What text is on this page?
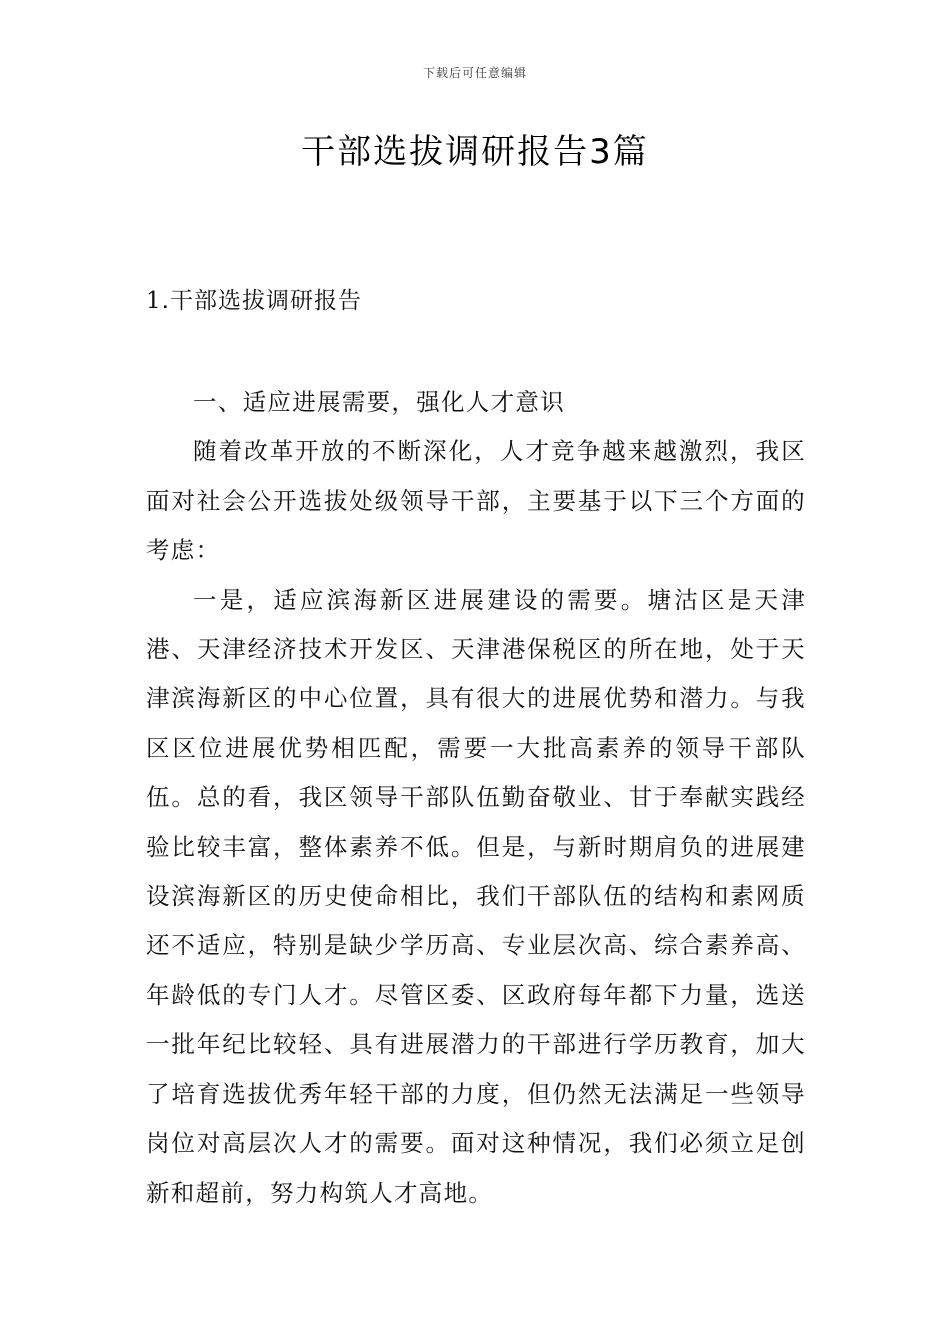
下载后可任意编辑
干部选拔调研报告3篇
1.干部选拔调研报告

一、适应进展需要，强化人才意识

随着改革开放的不断深化，人才竞争越来越激烈，我区面对社会公开选拔处级领导干部，主要基于以下三个方面的考虑：

一是，适应滨海新区进展建设的需要。塘沽区是天津港、天津经济技术开发区、天津港保税区的所在地，处于天津滨海新区的中心位置，具有很大的进展优势和潜力。与我区区位进展优势相匹配，需要一大批高素养的领导干部队伍。总的看，我区领导干部队伍勤奋敬业、甘于奉献实践经验比较丰富，整体素养不低。但是，与新时期肩负的进展建设滨海新区的历史使命相比，我们干部队伍的结构和素网质还不适应，特别是缺少学历高、专业层次高、综合素养高、年龄低的专门人才。尽管区委、区政府每年都下力量，选送一批年纪比较轻、具有进展潜力的干部进行学历教育，加大了培育选拔优秀年轻干部的力度，但仍然无法满足一些领导岗位对高层次人才的需要。面对这种情况，我们必须立足创新和超前，努力构筑人才高地。
